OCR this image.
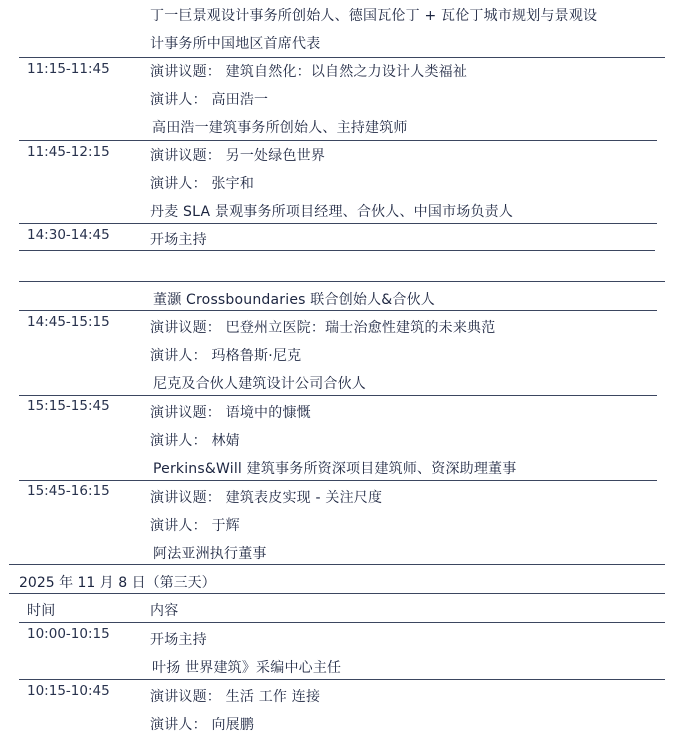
丁一巨景观设计事务所创始人、德国瓦伦丁 + 瓦伦丁城市规划与景观设
计事务所中国地区首席代表
11:15-11:45	演讲议题： 建筑自然化：以自然之力设计人类福祉
演讲人： 高田浩一
高田浩一建筑事务所创始人、主持建筑师
11:45-12:15	演讲议题： 另一处绿色世界
演讲人： 张宇和
丹麦 SLA 景观事务所项目经理、合伙人、中国市场负责人
14:30-14:45	开场主持
董灏 Crossboundaries 联合创始人&合伙人
14:45-15:15	演讲议题： 巴登州立医院：瑞士治愈性建筑的未来典范
演讲人： 玛格鲁斯·尼克
尼克及合伙人建筑设计公司合伙人
15:15-15:45	演讲议题： 语境中的慷慨
演讲人： 林婧
Perkins&Will 建筑事务所资深项目建筑师、资深助理董事
15:45-16:15	演讲议题： 建筑表皮实现 - 关注尺度
演讲人： 于辉
阿法亚洲执行董事
2025 年 11 月 8 日（第三天）
时间	内容
10:00-10:15	开场主持
叶扬 世界建筑》采编中心主任
10:15-10:45	演讲议题： 生活 工作 连接
演讲人： 向展鹏
